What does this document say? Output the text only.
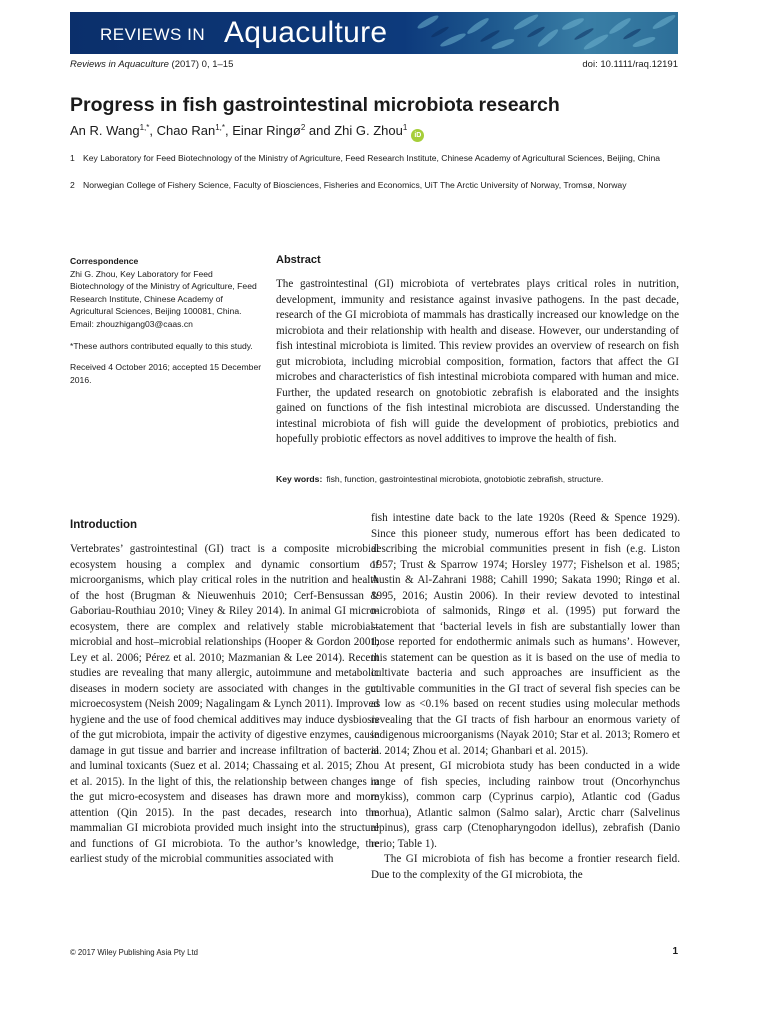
REVIEWS IN Aquaculture
Reviews in Aquaculture (2017) 0, 1–15	doi: 10.1111/raq.12191
Progress in fish gastrointestinal microbiota research
An R. Wang$^{1,*}$, Chao Ran$^{1,*}$, Einar Ringø$^2$ and Zhi G. Zhou$^1$iD
1 Key Laboratory for Feed Biotechnology of the Ministry of Agriculture, Feed Research Institute, Chinese Academy of Agricultural Sciences, Beijing, China
2 Norwegian College of Fishery Science, Faculty of Biosciences, Fisheries and Economics, UiT The Arctic University of Norway, Tromsø, Norway

Correspondence

Zhi G. Zhou, Key Laboratory for Feed Biotechnology of the Ministry of Agriculture, Feed Research Institute, Chinese Academy of Agricultural Sciences, Beijing 100081, China.

Email: zhouzhigang03@caas.cn

*These authors contributed equally to this study.

Received 4 October 2016; accepted 15 December 2016.

Abstract

The gastrointestinal (GI) microbiota of vertebrates plays critical roles in nutrition, development, immunity and resistance against invasive pathogens. In the past decade, research of the GI microbiota of mammals has drastically increased our knowledge on the microbiota and their relationship with health and disease. However, our understanding of fish intestinal microbiota is limited. This review provides an overview of research on fish gut microbiota, including microbial composition, formation, factors that affect the GI microbes and characteristics of fish intestinal microbiota compared with human and mice. Further, the updated research on gnotobiotic zebrafish is elaborated and the insights gained on functions of the fish intestinal microbiota are discussed. Understanding the intestinal microbiota of fish will guide the development of probiotics, prebiotics and hopefully probiotic effectors as novel additives to improve the health of fish.

Key words: fish, function, gastrointestinal microbiota, gnotobiotic zebrafish, structure.
Introduction

Vertebrates’ gastrointestinal (GI) tract is a composite microbial ecosystem housing a complex and dynamic consortium of microorganisms, which play critical roles in the nutrition and health of the host (Brugman & Nieuwenhuis 2010; Cerf-Bensussan & Gaboriau-Routhiau 2010; Viney & Riley 2014). In animal GI micro-ecosystem, there are complex and relatively stable microbial–microbial and host–microbial relationships (Hooper & Gordon 2001; Ley et al. 2006; Pérez et al. 2010; Mazmanian & Lee 2014). Recent studies are revealing that many allergic, autoimmune and metabolic diseases in modern society are associated with changes in the gut microecosystem (Neish 2009; Nagalingam & Lynch 2011). Improved hygiene and the use of food chemical additives may induce dysbiosis of the gut microbiota, impair the activity of digestive enzymes, cause damage in gut tissue and barrier and increase infiltration of bacteria and luminal toxicants (Suez et al. 2014; Chassaing et al. 2015; Zhou et al. 2015). In the light of this, the relationship between changes in the gut micro-ecosystem and diseases has drawn more and more attention (Qin 2015). In the past decades, research into the mammalian GI microbiota provided much insight into the structure and functions of GI microbiota. To the author’s knowledge, the earliest study of the microbial communities associated with

fish intestine date back to the late 1920s (Reed & Spence 1929). Since this pioneer study, numerous effort has been dedicated to describing the microbial communities present in fish (e.g. Liston 1957; Trust & Sparrow 1974; Horsley 1977; Fishelson et al. 1985; Austin & Al-Zahrani 1988; Cahill 1990; Sakata 1990; Ringø et al. 1995, 2016; Austin 2006). In their review devoted to intestinal microbiota of salmonids, Ringø et al. (1995) put forward the statement that ‘bacterial levels in fish are substantially lower than those reported for endothermic animals such as humans’. However, this statement can be question as it is based on the use of media to cultivate bacteria and such approaches are insufficient as the cultivable communities in the GI tract of several fish species can be as low as <0.1% based on recent studies using molecular methods revealing that the GI tracts of fish harbour an enormous variety of indigenous microorganisms (Nayak 2010; Star et al. 2013; Romero et al. 2014; Zhou et al. 2014; Ghanbari et al. 2015).

At present, GI microbiota study has been conducted in a wide range of fish species, including rainbow trout (Oncorhynchus mykiss), common carp (Cyprinus carpio), Atlantic cod (Gadus morhua), Atlantic salmon (Salmo salar), Arctic charr (Salvelinus alpinus), grass carp (Ctenopharyngodon idellus), zebrafish (Danio rerio; Table 1).

The GI microbiota of fish has become a frontier research field. Due to the complexity of the GI microbiota, the

© 2017 Wiley Publishing Asia Pty Ltd	1
